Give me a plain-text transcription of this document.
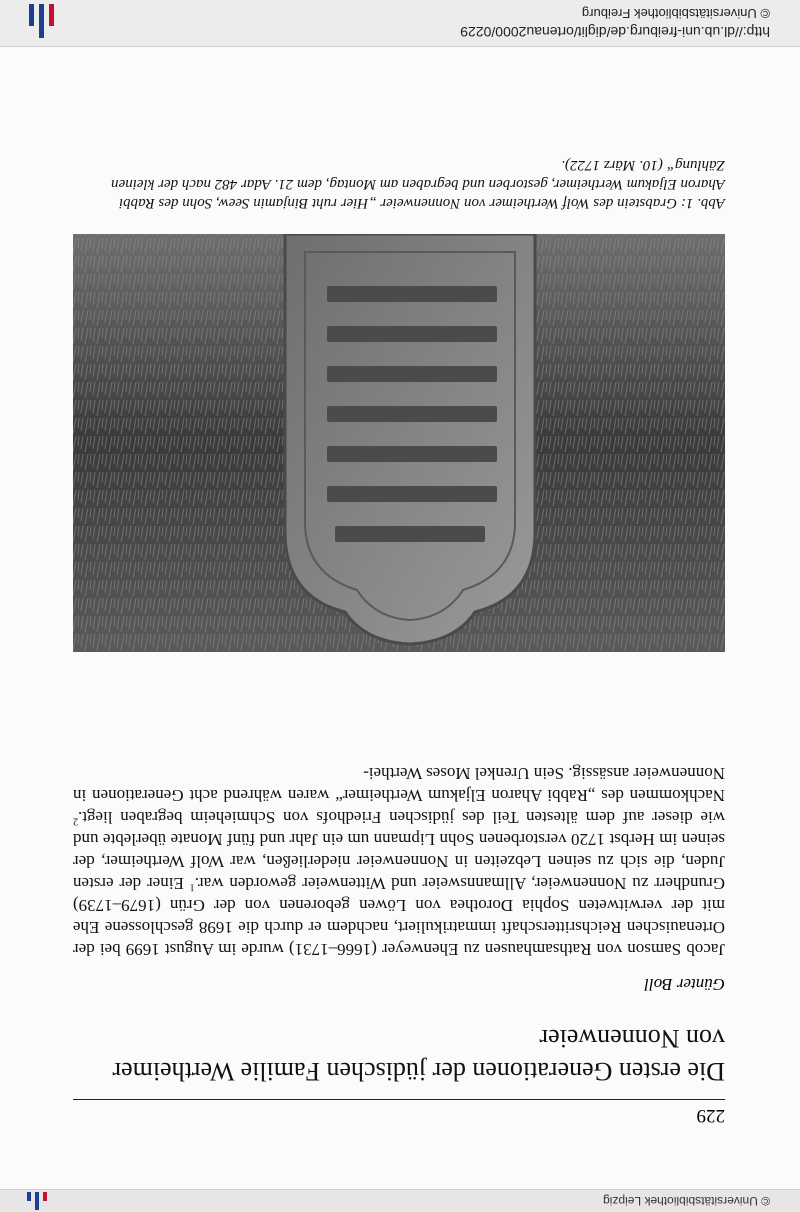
© Universitätsbibliothek Leipzig
229
Die ersten Generationen der jüdischen Familie Wertheimer von Nonnenweier
Günter Boll
Jacob Samson von Rathsamhausen zu Ehenweyer (1666–1731) wurde im August 1699 bei der Ortenauischen Reichsritterschaft immatrikuliert, nachdem er durch die 1698 geschlossene Ehe mit der verwitweten Sophia Dorothea von Löwen geborenen von der Grün (1679–1739) Grundherr zu Nonnenweier, Allmannsweier und Wittenweier geworden war.$^1$ Einer der ersten Juden, die sich zu seinen Lebzeiten in Nonnenweier niederließen, war Wolf Wertheimer, der seinen im Herbst 1720 verstorbenen Sohn Lipmann um ein Jahr und fünf Monate überlebte und wie dieser auf dem ältesten Teil des jüdischen Friedhofs von Schmieheim begraben liegt.$^2$ Nachkommen des „Rabbi Aharon Eljakum Wertheimer“ waren während acht Generationen in Nonnenweier ansässig. Sein Urenkel Moses Werthei-
Abb. 1: Grabstein des Wolf Wertheimer von Nonnenweier „Hier ruht Binjamin Seew, Sohn des Rabbi Aharon Eljakum Wertheimer, gestorben und begraben am Montag, dem 21. Adar 482 nach der kleinen Zählung“ (10. März 1722).
http://dl.ub.uni-freiburg.de/diglit/ortenau2000/0229
© Universitätsbibliothek Freiburg
